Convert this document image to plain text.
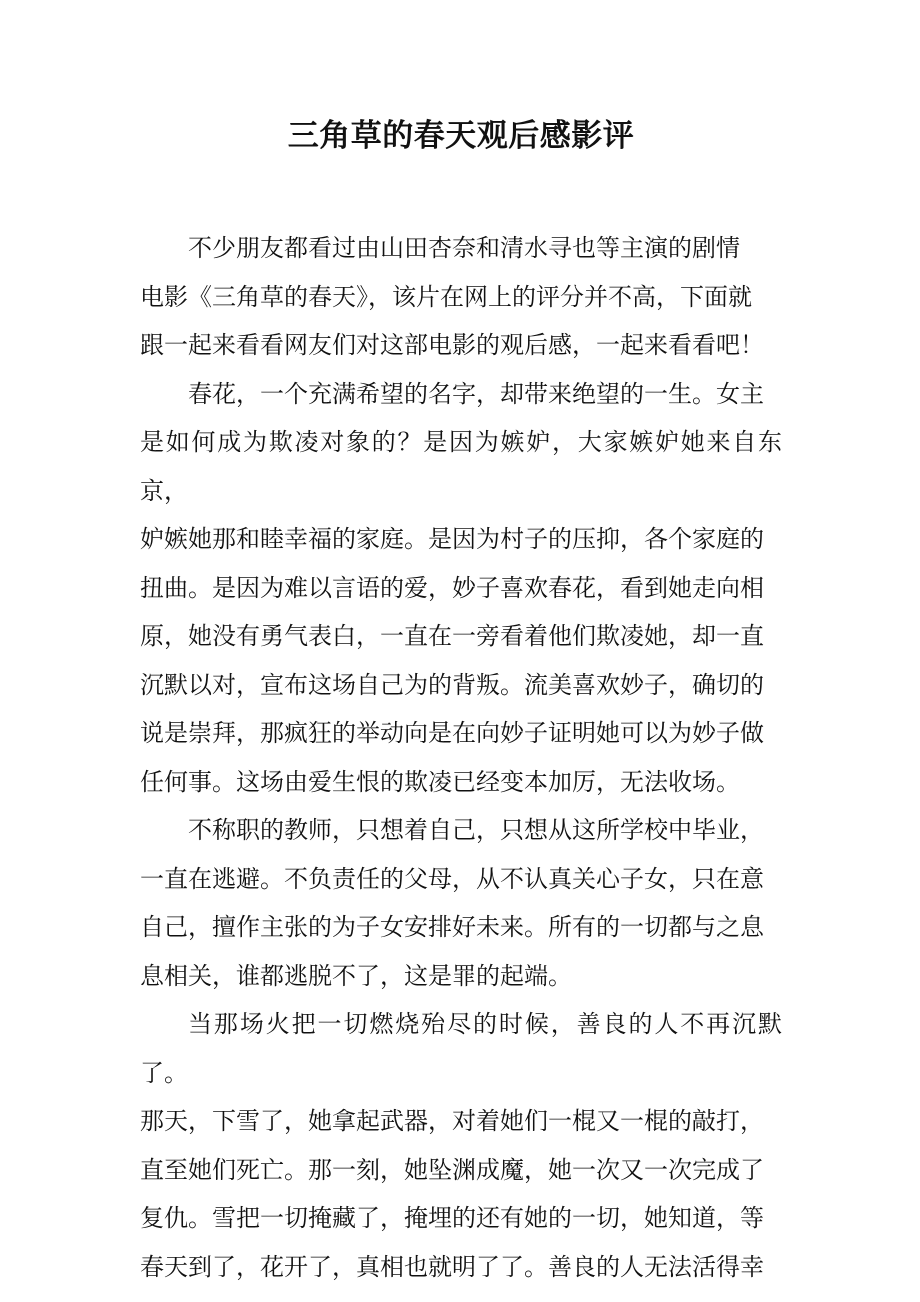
三角草的春天观后感影评

不少朋友都看过由山田杏奈和清水寻也等主演的剧情
电影《三角草的春天》，该片在网上的评分并不高，下面就
跟一起来看看网友们对这部电影的观后感，一起来看看吧！

春花，一个充满希望的名字，却带来绝望的一生。女主
是如何成为欺凌对象的？是因为嫉妒，大家嫉妒她来自东京，
妒嫉她那和睦幸福的家庭。是因为村子的压抑，各个家庭的
扭曲。是因为难以言语的爱，妙子喜欢春花，看到她走向相
原，她没有勇气表白，一直在一旁看着他们欺凌她，却一直
沉默以对，宣布这场自己为的背叛。流美喜欢妙子，确切的
说是崇拜，那疯狂的举动向是在向妙子证明她可以为妙子做
任何事。这场由爱生恨的欺凌已经变本加厉，无法收场。

不称职的教师，只想着自己，只想从这所学校中毕业，
一直在逃避。不负责任的父母，从不认真关心子女，只在意
自己，擅作主张的为子女安排好未来。所有的一切都与之息
息相关，谁都逃脱不了，这是罪的起端。

当那场火把一切燃烧殆尽的时候，善良的人不再沉默了。
那天，下雪了，她拿起武器，对着她们一棍又一棍的敲打，
直至她们死亡。那一刻，她坠渊成魔，她一次又一次完成了
复仇。雪把一切掩藏了，掩埋的还有她的一切，她知道，等
春天到了，花开了，真相也就明了了。善良的人无法活得幸
